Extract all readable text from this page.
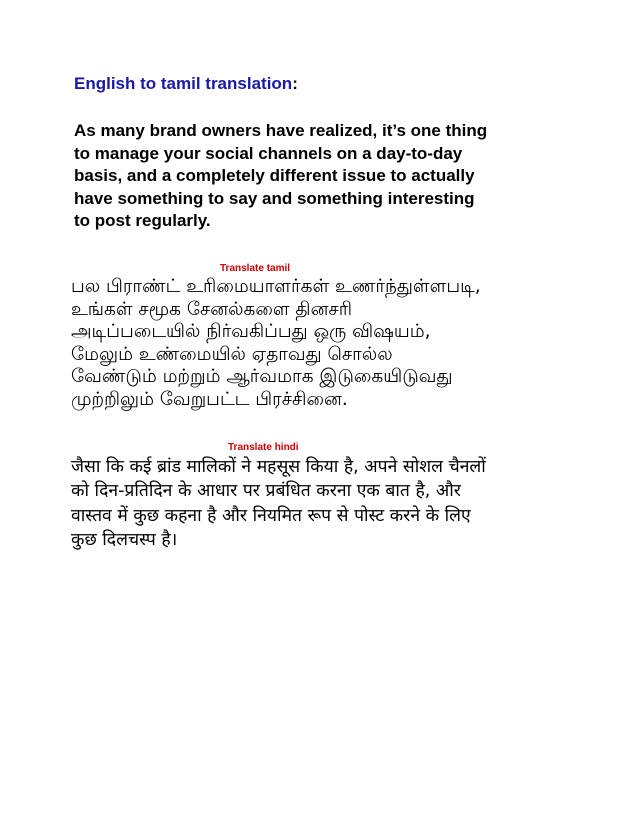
English to tamil translation:
As many brand owners have realized, it’s one thing
to manage your social channels on a day-to-day
basis, and a completely different issue to actually
have something to say and something interesting
to post regularly.
Translate tamil
பல பிராண்ட் உரிமையாளர்கள் உணர்ந்துள்ளபடி,
உங்கள் சமூக சேனல்களை தினசரி
அடிப்படையில் நிர்வகிப்பது ஒரு விஷயம்,
மேலும் உண்மையில் ஏதாவது சொல்ல
வேண்டும் மற்றும் ஆர்வமாக இடுகையிடுவது
முற்றிலும் வேறுபட்ட பிரச்சினை.
Translate hindi
जैसा कि कई ब्रांड मालिकों ने महसूस किया है, अपने सोशल चैनलों
को दिन-प्रतिदिन के आधार पर प्रबंधित करना एक बात है, और
वास्तव में कुछ कहना है और नियमित रूप से पोस्ट करने के लिए
कुछ दिलचस्प है।
